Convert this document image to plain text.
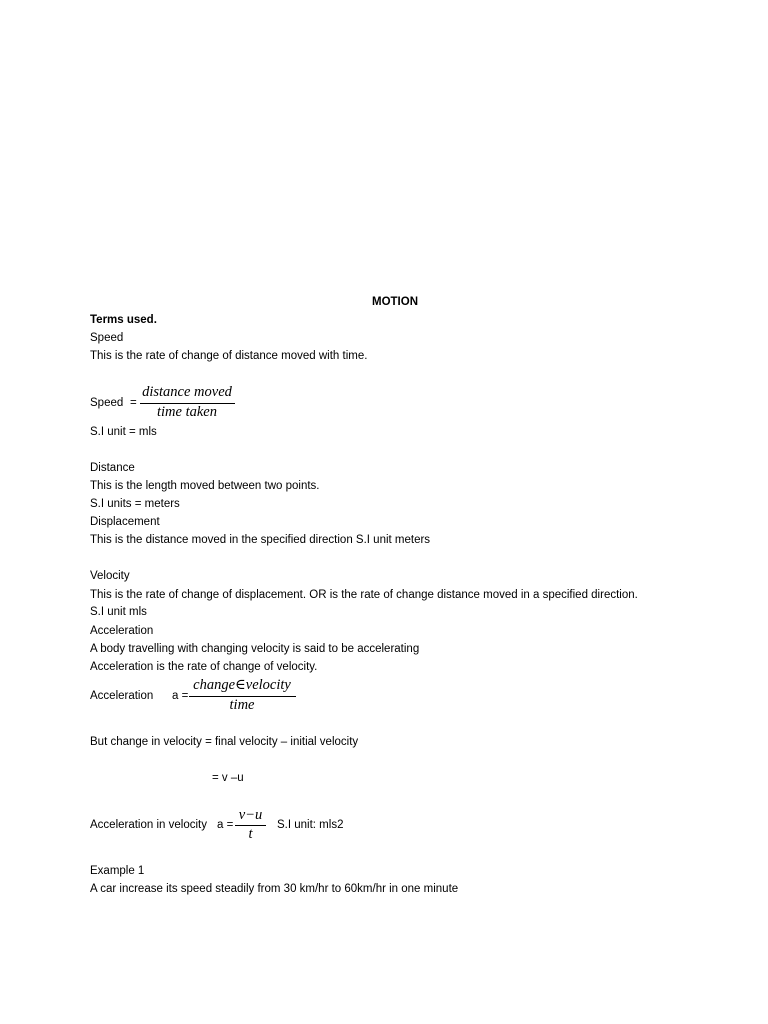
MOTION
Terms used.
Speed
This is the rate of change of distance moved with time.
Speed =
distance moved
time taken
S.I unit = mls
Distance
This is the length moved between two points.
S.I units = meters
Displacement
This is the distance moved in the specified direction S.I unit meters
Velocity
This is the rate of change of displacement. OR is the rate of change distance moved in a specified direction.
S.I unit mls
Acceleration
A body travelling with changing velocity is said to be accelerating
Acceleration is the rate of change of velocity.
Acceleration a =
change∈velocity
time
But change in velocity = final velocity – initial velocity
= v –u
Acceleration in velocity a =
v−u
t
S.I unit: mls2
Example 1
A car increase its speed steadily from 30 km/hr to 60km/hr in one minute
